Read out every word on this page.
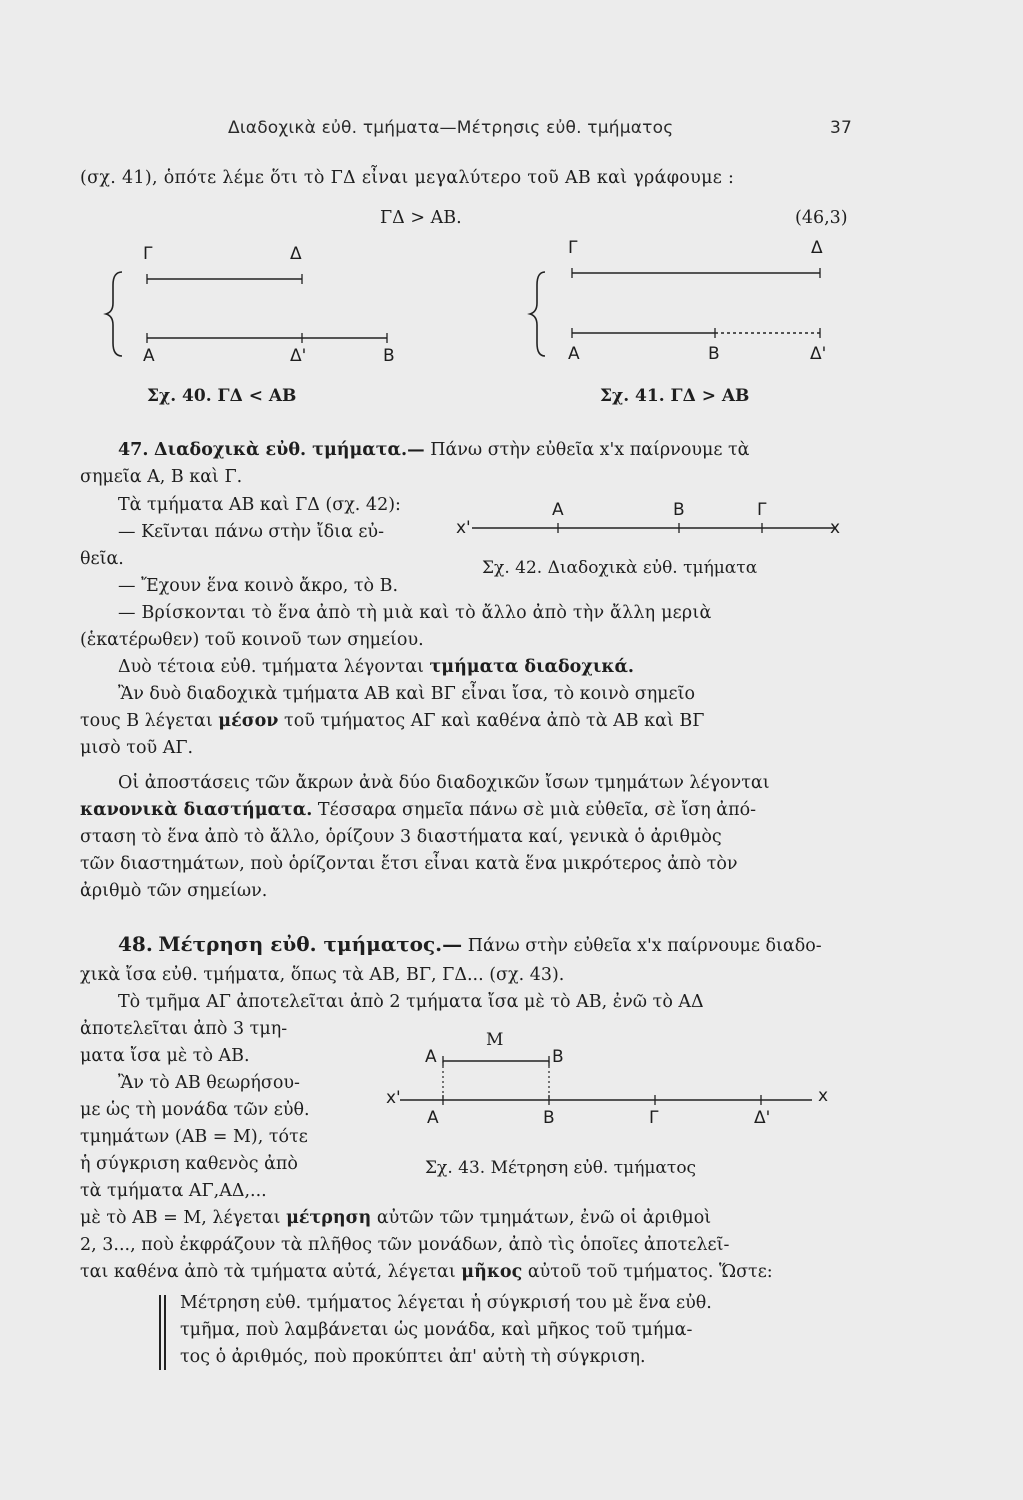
Διαδοχικὰ εὐθ. τμήματα—Μέτρησις εὐθ. τμήματος	37
(σχ. 41), ὁπότε λέμε ὅτι τὸ ΓΔ εἶναι μεγαλύτερο τοῦ ΑΒ καὶ γράφουμε :
ΓΔ > ΑΒ.	(46,3)
Γ	Δ
Α	Δ'	Β
Σχ. 40. ΓΔ < ΑΒ
Γ	Δ
Α	Β	Δ'
Σχ. 41. ΓΔ > ΑΒ
47. Διαδοχικὰ εὐθ. τμήματα.— Πάνω στὴν εὐθεῖα x'x παίρνουμε τὰ
σημεῖα Α, Β καὶ Γ.
Τὰ τμήματα ΑΒ καὶ ΓΔ (σχ. 42):
— Κεῖνται πάνω στὴν ἴδια εὐ-
θεῖα.
— Ἔχουν ἕνα κοινὸ ἄκρο, τὸ Β.
x'
Α	Β	Γ
x
Σχ. 42. Διαδοχικὰ εὐθ. τμήματα
— Βρίσκονται τὸ ἕνα ἀπὸ τὴ μιὰ καὶ τὸ ἄλλο ἀπὸ τὴν ἄλλη μεριὰ
(ἑκατέρωθεν) τοῦ κοινοῦ των σημείου.
Δυὸ τέτοια εὐθ. τμήματα λέγονται τμήματα διαδοχικά.
Ἂν δυὸ διαδοχικὰ τμήματα ΑΒ καὶ ΒΓ εἶναι ἴσα, τὸ κοινὸ σημεῖο
τους Β λέγεται μέσον τοῦ τμήματος ΑΓ καὶ καθένα ἀπὸ τὰ ΑΒ καὶ ΒΓ
μισὸ τοῦ ΑΓ.
Οἱ ἀποστάσεις τῶν ἄκρων ἀνὰ δύο διαδοχικῶν ἴσων τμημάτων λέγονται
κανονικὰ διαστήματα. Τέσσαρα σημεῖα πάνω σὲ μιὰ εὐθεῖα, σὲ ἴση ἀπό-
σταση τὸ ἕνα ἀπὸ τὸ ἄλλο, ὁρίζουν 3 διαστήματα καί, γενικὰ ὁ ἀριθμὸς
τῶν διαστημάτων, ποὺ ὁρίζονται ἔτσι εἶναι κατὰ ἕνα μικρότερος ἀπὸ τὸν
ἀριθμὸ τῶν σημείων.
48. Μέτρηση εὐθ. τμήματος.— Πάνω στὴν εὐθεῖα x'x παίρνουμε διαδο-
χικὰ ἴσα εὐθ. τμήματα, ὅπως τὰ ΑΒ, ΒΓ, ΓΔ... (σχ. 43).
Τὸ τμῆμα ΑΓ ἀποτελεῖται ἀπὸ 2 τμήματα ἴσα μὲ τὸ ΑΒ, ἐνῶ τὸ ΑΔ
ἀποτελεῖται ἀπὸ 3 τμη-
ματα ἴσα μὲ τὸ ΑΒ.
Ἂν τὸ ΑΒ θεωρήσου-
με ὡς τὴ μονάδα τῶν εὐθ.
τμημάτων (ΑΒ = Μ), τότε
ἡ σύγκριση καθενὸς ἀπὸ
τὰ τμήματα ΑΓ,ΑΔ,...
Α
Μ
Β
x'
Α	Β	Γ	Δ'
x
Σχ. 43. Μέτρηση εὐθ. τμήματος
μὲ τὸ ΑΒ = Μ, λέγεται μέτρηση αὐτῶν τῶν τμημάτων, ἐνῶ οἱ ἀριθμοὶ
2, 3..., ποὺ ἐκφράζουν τὰ πλῆθος τῶν μονάδων, ἀπὸ τὶς ὁποῖες ἀποτελεῖ-
ται καθένα ἀπὸ τὰ τμήματα αὐτά, λέγεται μῆκος αὐτοῦ τοῦ τμήματος. Ὥστε:
Μέτρηση εὐθ. τμήματος λέγεται ἡ σύγκρισή του μὲ ἕνα εὐθ.
τμῆμα, ποὺ λαμβάνεται ὡς μονάδα, καὶ μῆκος τοῦ τμήμα-
τος ὁ ἀριθμός, ποὺ προκύπτει ἀπ' αὐτὴ τὴ σύγκριση.
